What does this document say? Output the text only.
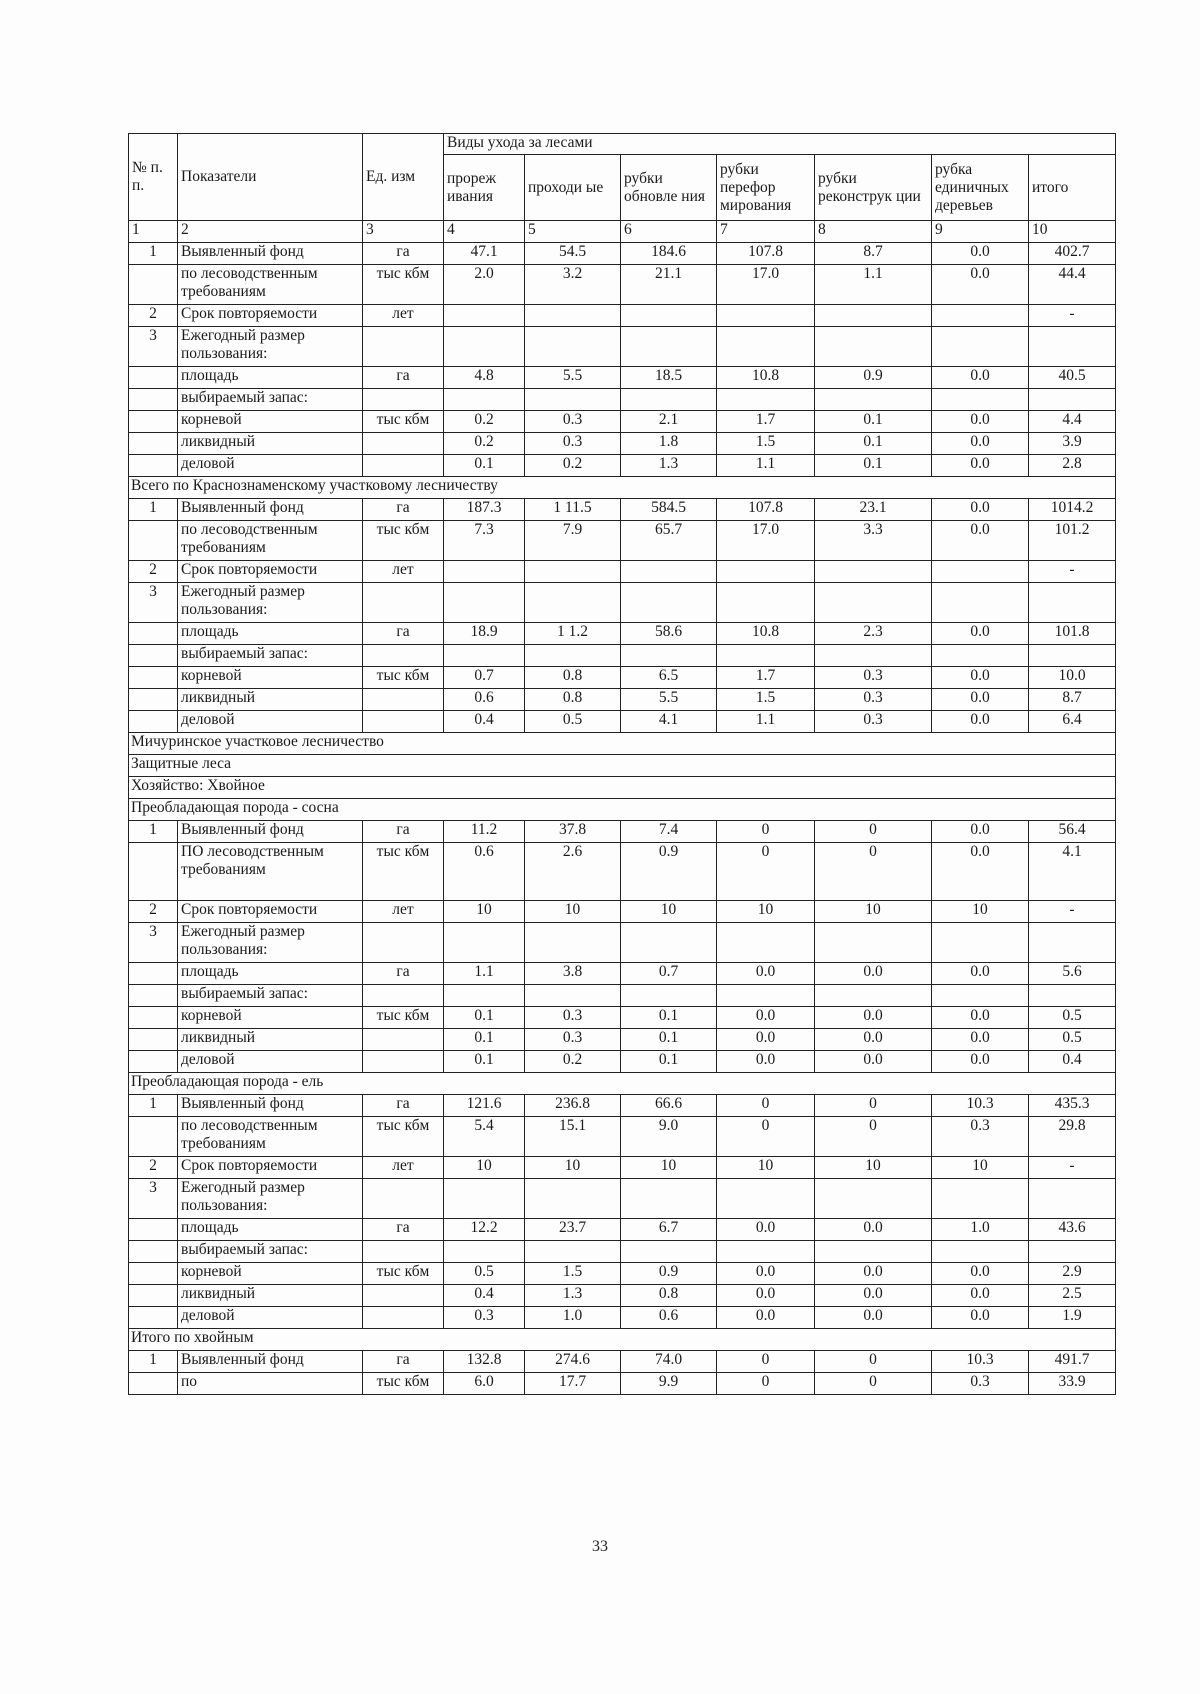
№ п. п.	Показатели	Ед. изм	Виды ухода за лесами						
			прореж ивания	проходи ые	рубки обновле ния	рубки перефор мирования	рубки реконструк ции	рубка единичных деревьев	итого
1	2	3	4	5	6	7	8	9	10
1	Выявленный фонд	га	47.1	54.5	184.6	107.8	8.7	0.0	402.7
	по лесоводственным требованиям	тыс кбм	2.0	3.2	21.1	17.0	1.1	0.0	44.4
2	Срок повторяемости	лет							-
3	Ежегодный размер пользования:								
	площадь	га	4.8	5.5	18.5	10.8	0.9	0.0	40.5
	выбираемый запас:								
	корневой	тыс кбм	0.2	0.3	2.1	1.7	0.1	0.0	4.4
	ликвидный		0.2	0.3	1.8	1.5	0.1	0.0	3.9
	деловой		0.1	0.2	1.3	1.1	0.1	0.0	2.8
Всего по Краснознаменскому участковому лесничеству									
1	Выявленный фонд	га	187.3	1 11.5	584.5	107.8	23.1	0.0	1014.2
	по лесоводственным требованиям	тыс кбм	7.3	7.9	65.7	17.0	3.3	0.0	101.2
2	Срок повторяемости	лет							-
3	Ежегодный размер пользования:								
	площадь	га	18.9	1 1.2	58.6	10.8	2.3	0.0	101.8
	выбираемый запас:								
	корневой	тыс кбм	0.7	0.8	6.5	1.7	0.3	0.0	10.0
	ликвидный		0.6	0.8	5.5	1.5	0.3	0.0	8.7
	деловой		0.4	0.5	4.1	1.1	0.3	0.0	6.4
Мичуринское участковое лесничество									
Защитные леса									
Хозяйство: Хвойное									
Преобладающая порода - сосна									
1	Выявленный фонд	га	11.2	37.8	7.4	0	0	0.0	56.4
	ПО лесоводственным требованиям	тыс кбм	0.6	2.6	0.9	0	0	0.0	4.1
2	Срок повторяемости	лет	10	10	10	10	10	10	-
3	Ежегодный размер пользования:								
	площадь	га	1.1	3.8	0.7	0.0	0.0	0.0	5.6
	выбираемый запас:								
	корневой	тыс кбм	0.1	0.3	0.1	0.0	0.0	0.0	0.5
	ликвидный		0.1	0.3	0.1	0.0	0.0	0.0	0.5
	деловой		0.1	0.2	0.1	0.0	0.0	0.0	0.4
Преобладающая порода - ель									
1	Выявленный фонд	га	121.6	236.8	66.6	0	0	10.3	435.3
	по лесоводственным требованиям	тыс кбм	5.4	15.1	9.0	0	0	0.3	29.8
2	Срок повторяемости	лет	10	10	10	10	10	10	-
3	Ежегодный размер пользования:								
	площадь	га	12.2	23.7	6.7	0.0	0.0	1.0	43.6
	выбираемый запас:								
	корневой	тыс кбм	0.5	1.5	0.9	0.0	0.0	0.0	2.9
	ликвидный		0.4	1.3	0.8	0.0	0.0	0.0	2.5
	деловой		0.3	1.0	0.6	0.0	0.0	0.0	1.9
Итого по хвойным									
1	Выявленный фонд	га	132.8	274.6	74.0	0	0	10.3	491.7
	по	тыс кбм	6.0	17.7	9.9	0	0	0.3	33.9
33
